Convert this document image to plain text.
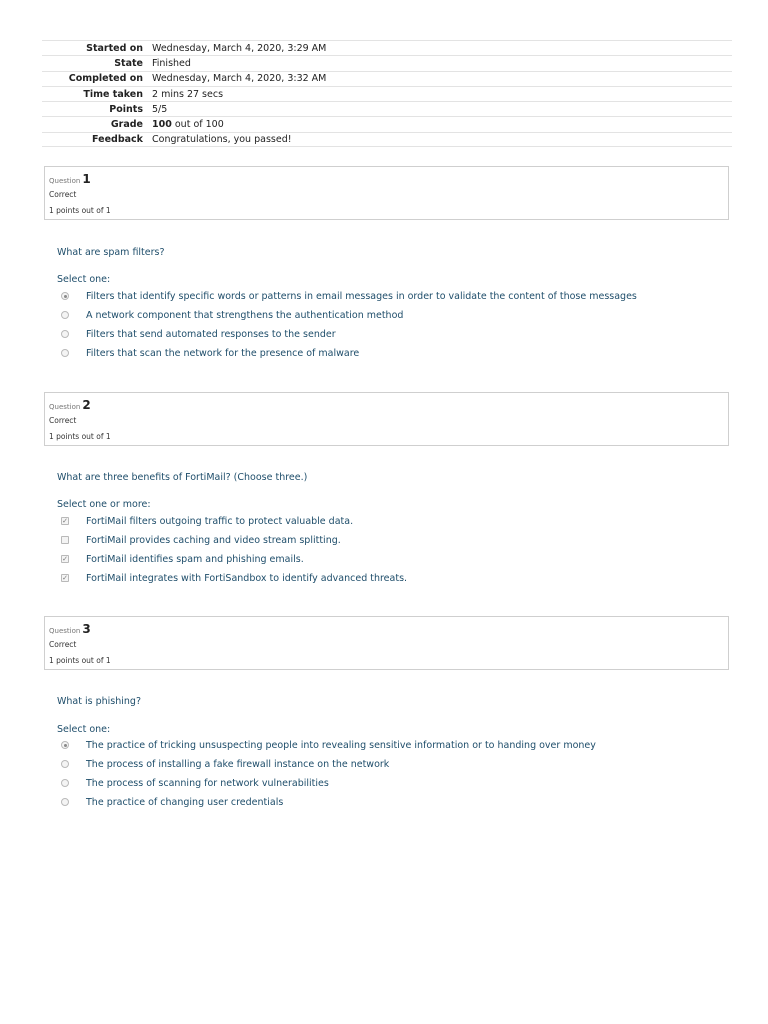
Started on Wednesday, March 4, 2020, 3:29 AM
State Finished
Completed on Wednesday, March 4, 2020, 3:32 AM
Time taken 2 mins 27 secs
Points 5/5
Grade 100 out of 100
Feedback Congratulations, you passed!
Question 1
Correct
1 points out of 1
What are spam filters?
Select one:
Filters that identify specific words or patterns in email messages in order to validate the content of those messages
A network component that strengthens the authentication method
Filters that send automated responses to the sender
Filters that scan the network for the presence of malware
Question 2
Correct
1 points out of 1
What are three benefits of FortiMail? (Choose three.)
Select one or more:
✓ FortiMail filters outgoing traffic to protect valuable data.
FortiMail provides caching and video stream splitting.
✓ FortiMail identifies spam and phishing emails.
✓ FortiMail integrates with FortiSandbox to identify advanced threats.
Question 3
Correct
1 points out of 1
What is phishing?
Select one:
The practice of tricking unsuspecting people into revealing sensitive information or to handing over money
The process of installing a fake firewall instance on the network
The process of scanning for network vulnerabilities
The practice of changing user credentials
